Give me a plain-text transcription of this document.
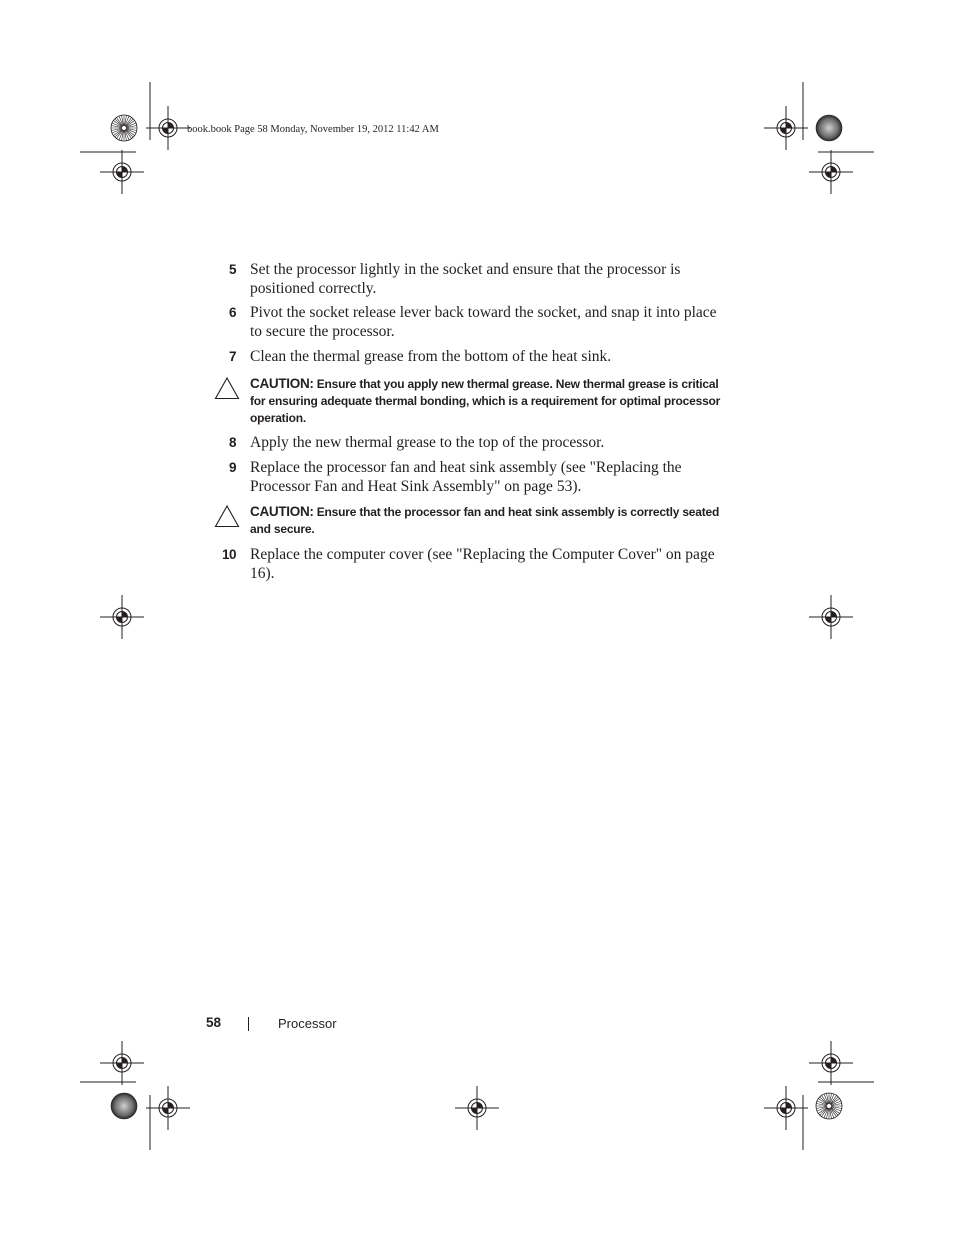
book.book Page 58 Monday, November 19, 2012 11:42 AM
5 Set the processor lightly in the socket and ensure that the processor is positioned correctly.
6 Pivot the socket release lever back toward the socket, and snap it into place to secure the processor.
7 Clean the thermal grease from the bottom of the heat sink.
CAUTION: Ensure that you apply new thermal grease. New thermal grease is critical for ensuring adequate thermal bonding, which is a requirement for optimal processor operation.
8 Apply the new thermal grease to the top of the processor.
9 Replace the processor fan and heat sink assembly (see "Replacing the Processor Fan and Heat Sink Assembly" on page 53).
CAUTION: Ensure that the processor fan and heat sink assembly is correctly seated and secure.
10 Replace the computer cover (see "Replacing the Computer Cover" on page 16).
58	Processor
